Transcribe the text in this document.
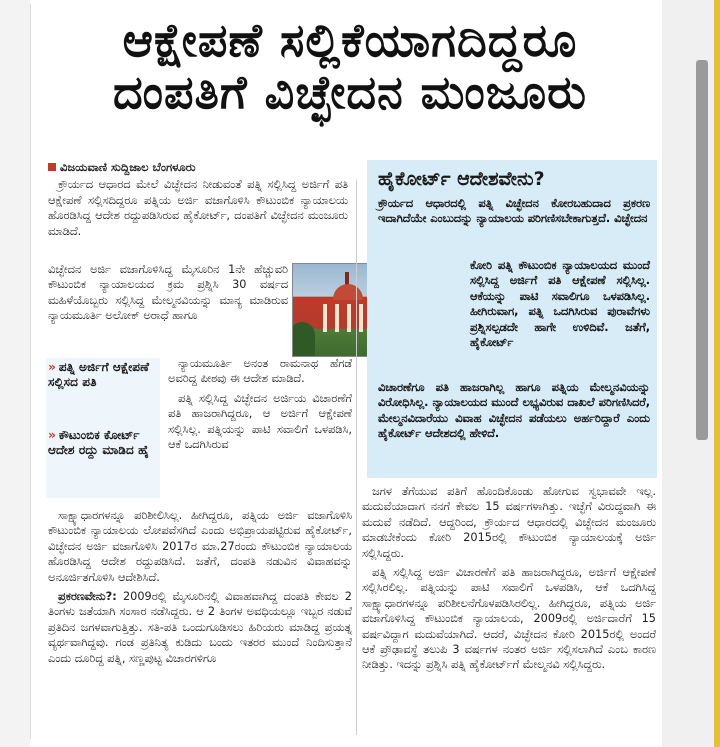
ಆಕ್ಷೇಪಣೆ ಸಲ್ಲಿಕೆಯಾಗದಿದ್ದರೂ
ದಂಪತಿಗೆ ವಿಚ್ಛೇದನ ಮಂಜೂರು
ವಿಜಯವಾಣಿ ಸುದ್ದಿಜಾಲ ಬೆಂಗಳೂರು
ಕ್ರೌರ್ಯದ ಆಧಾರದ ಮೇಲೆ ವಿಚ್ಛೇದನ ನೀಡುವಂತೆ ಪತ್ನಿ ಸಲ್ಲಿಸಿದ್ದ ಅರ್ಜಿಗೆ ಪತಿ ಆಕ್ಷೇಪಣೆ ಸಲ್ಲಿಸದಿದ್ದರೂ ಪತ್ನಿಯ ಅರ್ಜಿ ವಜಾಗೊಳಿಸಿ ಕೌಟುಂಬಿಕ ನ್ಯಾಯಾಲಯ ಹೊರಡಿಸಿದ್ದ ಆದೇಶ ರದ್ದುಪಡಿಸಿರುವ ಹೈಕೋರ್ಟ್, ದಂಪತಿಗೆ ವಿಚ್ಛೇದನ ಮಂಜೂರು ಮಾಡಿದೆ.
ವಿಚ್ಛೇದನ ಅರ್ಜಿ ವಜಾಗೊಳಿಸಿದ್ದ ಮೈಸೂರಿನ 1ನೇ ಹೆಚ್ಚುವರಿ ಕೌಟುಂಬಿಕ ನ್ಯಾಯಾಲಯದ ಕ್ರಮ ಪ್ರಶ್ನಿಸಿ 30 ವರ್ಷದ ಮಹಿಳೆಯೊಬ್ಬರು ಸಲ್ಲಿಸಿದ್ದ ಮೇಲ್ಮನವಿಯನ್ನು ಮಾನ್ಯ ಮಾಡಿರುವ ನ್ಯಾಯಮೂರ್ತಿ ಅಲೋಕ್ ಅರಾಧೆ ಹಾಗೂ
» ಪತ್ನಿ ಅರ್ಜಿಗೆ ಆಕ್ಷೇಪಣೆ ಸಲ್ಲಿಸದ ಪತಿ
» ಕೌಟುಂಬಿಕ ಕೋರ್ಟ್ ಆದೇಶ ರದ್ದು ಮಾಡಿದ ಹೈ
ನ್ಯಾಯಮೂರ್ತಿ ಅನಂತ ರಾಮನಾಥ ಹೆಗಡೆ ಅವರಿದ್ದ ಪೀಠವು ಈ ಆದೇಶ ಮಾಡಿದೆ.
ಪತ್ನಿ ಸಲ್ಲಿಸಿದ್ದ ವಿಚ್ಛೇದನ ಅರ್ಜಿಯ ವಿಚಾರಣೆಗೆ ಪತಿ ಹಾಜರಾಗಿದ್ದರೂ, ಆ ಅರ್ಜಿಗೆ ಆಕ್ಷೇಪಣೆ ಸಲ್ಲಿಸಿಲ್ಲ. ಪತ್ನಿಯನ್ನು ಪಾಟಿ ಸವಾಲಿಗೆ ಒಳಪಡಿಸಿ, ಆಕೆ ಒದಗಿಸಿರುವ
ಸಾಕ್ಷ್ಯಾಧಾರಗಳನ್ನೂ ಪರಿಶೀಲಿಸಿಲ್ಲ. ಹೀಗಿದ್ದರೂ, ಪತ್ನಿಯ ಅರ್ಜಿ ವಜಾಗೊಳಿಸಿ ಕೌಟುಂಬಿಕ ನ್ಯಾಯಾಲಯ ಲೋಪವೆಸಗಿದೆ ಎಂದು ಅಭಿಪ್ರಾಯಪಟ್ಟಿರುವ ಹೈಕೋರ್ಟ್, ವಿಚ್ಛೇದನ ಅರ್ಜಿ ವಜಾಗೊಳಿಸಿ 2017ರ ಮಾ.27ರಂದು ಕೌಟುಂಬಿಕ ನ್ಯಾಯಾಲಯ ಹೊರಡಿಸಿದ್ದ ಆದೇಶ ರದ್ದುಪಡಿಸಿದೆ. ಜತೆಗೆ, ದಂಪತಿ ನಡುವಿನ ವಿವಾಹವನ್ನು ಅನೂರ್ಜಿತಗೊಳಿಸಿ ಆದೇಶಿಸಿದೆ.
ಪ್ರಕರಣವೇನು?: 2009ರಲ್ಲಿ ಮೈಸೂರಿನಲ್ಲಿ ವಿವಾಹವಾಗಿದ್ದ ದಂಪತಿ ಕೇವಲ 2 ತಿಂಗಳು ಜತೆಯಾಗಿ ಸಂಸಾರ ನಡೆಸಿದ್ದರು. ಆ 2 ತಿಂಗಳ ಅವಧಿಯಲ್ಲೂ ಇಬ್ಬರ ನಡುವೆ ಪ್ರತಿದಿನ ಜಗಳವಾಗುತ್ತಿತ್ತು. ಸತಿ-ಪತಿ ಒಂದುಗೂಡಿಸಲು ಹಿರಿಯರು ಮಾಡಿದ್ದ ಪ್ರಯತ್ನ ವ್ಯರ್ಥವಾಗಿದ್ದವು. ಗಂಡ ಪ್ರತಿನಿತ್ಯ ಕುಡಿದು ಬಂದು ಇತರರ ಮುಂದೆ ನಿಂದಿಸುತ್ತಾನೆ ಎಂದು ದೂರಿದ್ದ ಪತ್ನಿ, ಸಣ್ಣಪುಟ್ಟ ವಿಚಾರಗಳಿಗೂ
ಹೈಕೋರ್ಟ್ ಆದೇಶವೇನು?
ಕ್ರೌರ್ಯದ ಆಧಾರದಲ್ಲಿ ಪತ್ನಿ ವಿಚ್ಛೇದನ ಕೋರಬಹುದಾದ ಪ್ರಕರಣ ಇದಾಗಿದೆಯೇ ಎಂಬುದನ್ನು ನ್ಯಾಯಾಲಯ ಪರಿಗಣಿಸಬೇಕಾಗುತ್ತದೆ. ವಿಚ್ಛೇದನ
ಕೋರಿ ಪತ್ನಿ ಕೌಟುಂಬಿಕ ನ್ಯಾಯಾಲಯದ ಮುಂದೆ ಸಲ್ಲಿಸಿದ್ದ ಅರ್ಜಿಗೆ ಪತಿ ಆಕ್ಷೇಪಣೆ ಸಲ್ಲಿಸಿಲ್ಲ. ಆಕೆಯನ್ನು ಪಾಟಿ ಸವಾಲಿಗೂ ಒಳಪಡಿಸಿಲ್ಲ. ಹೀಗಿರುವಾಗ, ಪತ್ನಿ ಒದಗಿಸಿರುವ ಪುರಾವೆಗಳು ಪ್ರಶ್ನಿಸಲ್ಪಡದೇ ಹಾಗೇ ಉಳಿದಿವೆ. ಜತೆಗೆ, ಹೈಕೋರ್ಟ್
ವಿಚಾರಣೆಗೂ ಪತಿ ಹಾಜರಾಗಿಲ್ಲ ಹಾಗೂ ಪತ್ನಿಯ ಮೇಲ್ಮನವಿಯನ್ನು ವಿರೋಧಿಸಿಲ್ಲ. ನ್ಯಾಯಾಲಯದ ಮುಂದೆ ಲಭ್ಯವಿರುವ ದಾಖಲೆ ಪರಿಗಣಿಸಿದರೆ, ಮೇಲ್ಮನವಿದಾರೆಯು ವಿವಾಹ ವಿಚ್ಛೇದನ ಪಡೆಯಲು ಅರ್ಹರಿದ್ದಾರೆ ಎಂದು ಹೈಕೋರ್ಟ್ ಆದೇಶದಲ್ಲಿ ಹೇಳಿದೆ.
ಜಗಳ ತೆಗೆಯುವ ಪತಿಗೆ ಹೊಂದಿಕೊಂಡು ಹೋಗುವ ಸ್ವಭಾವವೇ ಇಲ್ಲ. ಮದುವೆಯಾದಾಗ ನನಗೆ ಕೇವಲ 15 ವರ್ಷಗಳಾಗಿತ್ತು. ಇಚ್ಛೆಗೆ ವಿರುದ್ಧವಾಗಿ ಈ ಮದುವೆ ನಡೆದಿದೆ. ಆದ್ದರಿಂದ, ಕ್ರೌರ್ಯದ ಆಧಾರದಲ್ಲಿ ವಿಚ್ಛೇದನ ಮಂಜೂರು ಮಾಡಬೇಕೆಂದು ಕೋರಿ 2015ರಲ್ಲಿ ಕೌಟುಂಬಿಕ ನ್ಯಾಯಾಲಯಕ್ಕೆ ಅರ್ಜಿ ಸಲ್ಲಿಸಿದ್ದರು.
ಪತ್ನಿ ಸಲ್ಲಿಸಿದ್ದ ಅರ್ಜಿ ವಿಚಾರಣೆಗೆ ಪತಿ ಹಾಜರಾಗಿದ್ದರೂ, ಅರ್ಜಿಗೆ ಆಕ್ಷೇಪಣೆ ಸಲ್ಲಿಸಿರಲಿಲ್ಲ. ಪತ್ನಿಯನ್ನು ಪಾಟಿ ಸವಾಲಿಗೆ ಒಳಪಡಿಸಿ, ಆಕೆ ಒದಗಿಸಿದ್ದ ಸಾಕ್ಷ್ಯಾಧಾರಗಳನ್ನೂ ಪರಿಶೀಲನೆಗೊಳಪಡಿಸಿರಲಿಲ್ಲ. ಹೀಗಿದ್ದರೂ, ಪತ್ನಿಯ ಅರ್ಜಿ ವಜಾಗೊಳಿಸಿದ್ದ ಕೌಟುಂಬಿಕ ನ್ಯಾಯಾಲಯ, 2009ರಲ್ಲಿ ಅರ್ಜಿದಾರೆಗೆ 15 ವರ್ಷವಿದ್ದಾಗ ಮದುವೆಯಾಗಿದೆ. ಆದರೆ, ವಿಚ್ಛೇದನ ಕೋರಿ 2015ರಲ್ಲಿ ಅಂದರೆ ಆಕೆ ಪ್ರೌಢಾವಸ್ಥೆ ತಲುಪಿ 3 ವರ್ಷಗಳ ನಂತರ ಅರ್ಜಿ ಸಲ್ಲಿಸಲಾಗಿದೆ ಎಂಬ ಕಾರಣ ನೀಡಿತ್ತು. ಇದನ್ನು ಪ್ರಶ್ನಿಸಿ ಪತ್ನಿ ಹೈಕೋರ್ಟ್‌ಗೆ ಮೇಲ್ಮನವಿ ಸಲ್ಲಿಸಿದ್ದರು.
